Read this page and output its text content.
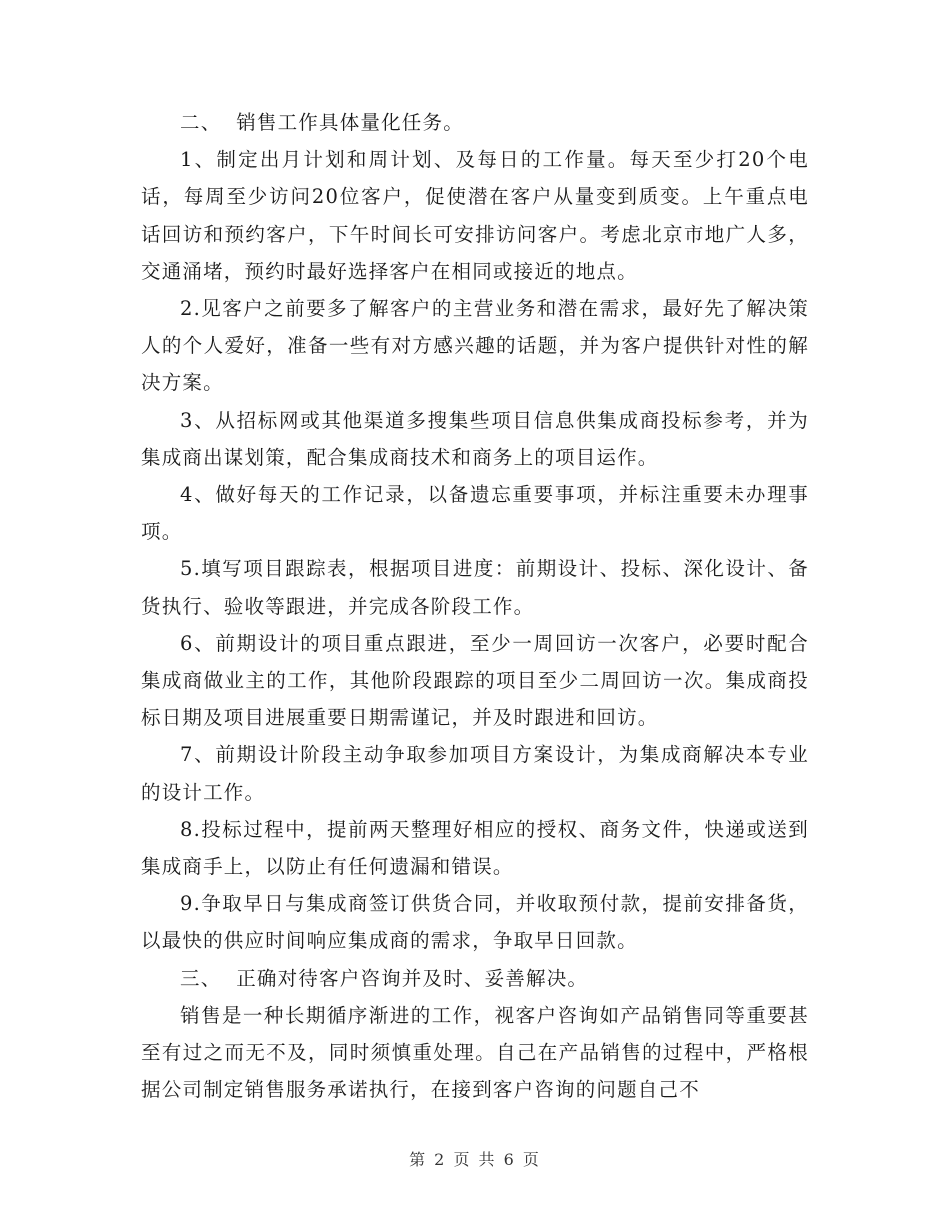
二、  销售工作具体量化任务。

1、制定出月计划和周计划、及每日的工作量。每天至少打20个电话，每周至少访问20位客户，促使潜在客户从量变到质变。上午重点电话回访和预约客户，下午时间长可安排访问客户。考虑北京市地广人多，交通涌堵，预约时最好选择客户在相同或接近的地点。

2.见客户之前要多了解客户的主营业务和潜在需求，最好先了解决策人的个人爱好，准备一些有对方感兴趣的话题，并为客户提供针对性的解决方案。

3、从招标网或其他渠道多搜集些项目信息供集成商投标参考，并为集成商出谋划策，配合集成商技术和商务上的项目运作。

4、做好每天的工作记录，以备遗忘重要事项，并标注重要未办理事项。

5.填写项目跟踪表，根据项目进度：前期设计、投标、深化设计、备货执行、验收等跟进，并完成各阶段工作。

6、前期设计的项目重点跟进，至少一周回访一次客户，必要时配合集成商做业主的工作，其他阶段跟踪的项目至少二周回访一次。集成商投标日期及项目进展重要日期需谨记，并及时跟进和回访。

7、前期设计阶段主动争取参加项目方案设计，为集成商解决本专业的设计工作。

8.投标过程中，提前两天整理好相应的授权、商务文件，快递或送到集成商手上，以防止有任何遗漏和错误。

9.争取早日与集成商签订供货合同，并收取预付款，提前安排备货，以最快的供应时间响应集成商的需求，争取早日回款。

三、  正确对待客户咨询并及时、妥善解决。

销售是一种长期循序渐进的工作，视客户咨询如产品销售同等重要甚至有过之而无不及，同时须慎重处理。自己在产品销售的过程中，严格根据公司制定销售服务承诺执行，在接到客户咨询的问题自己不

第 2 页 共 6 页
